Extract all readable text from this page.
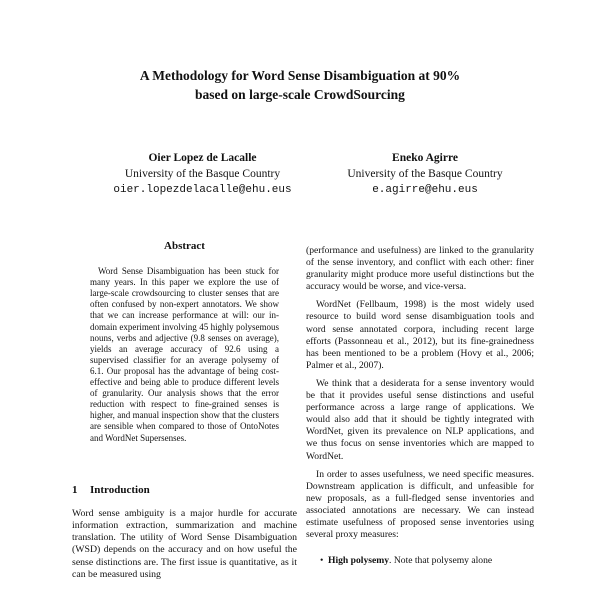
A Methodology for Word Sense Disambiguation at 90%
based on large-scale CrowdSourcing
Oier Lopez de Lacalle
University of the Basque Country
oier.lopezdelacalle@ehu.eus
Eneko Agirre
University of the Basque Country
e.agirre@ehu.eus
Abstract

Word Sense Disambiguation has been stuck for many years. In this paper we explore the use of large-scale crowdsourcing to cluster senses that are often confused by non-expert annotators. We show that we can increase performance at will: our in-domain experiment involving 45 highly polysemous nouns, verbs and adjective (9.8 senses on average), yields an average accuracy of 92.6 using a supervised classifier for an average polysemy of 6.1. Our proposal has the advantage of being cost-effective and being able to produce different levels of granularity. Our analysis shows that the error reduction with respect to fine-grained senses is higher, and manual inspection show that the clusters are sensible when compared to those of OntoNotes and WordNet Supersenses.

1 Introduction

Word sense ambiguity is a major hurdle for accurate information extraction, summarization and machine translation. The utility of Word Sense Disambiguation (WSD) depends on the accuracy and on how useful the sense distinctions are. The first issue is quantitative, as it can be measured using

(performance and usefulness) are linked to the granularity of the sense inventory, and conflict with each other: finer granularity might produce more useful distinctions but the accuracy would be worse, and vice-versa.

WordNet (Fellbaum, 1998) is the most widely used resource to build word sense disambiguation tools and word sense annotated corpora, including recent large efforts (Passonneau et al., 2012), but its fine-grainedness has been mentioned to be a problem (Hovy et al., 2006; Palmer et al., 2007).

We think that a desiderata for a sense inventory would be that it provides useful sense distinctions and useful performance across a large range of applications. We would also add that it should be tightly integrated with WordNet, given its prevalence on NLP applications, and we thus focus on sense inventories which are mapped to WordNet.

In order to asses usefulness, we need specific measures. Downstream application is difficult, and unfeasible for new proposals, as a full-fledged sense inventories and associated annotations are necessary. We can instead estimate usefulness of proposed sense inventories using several proxy measures:

• High polysemy. Note that polysemy alone
